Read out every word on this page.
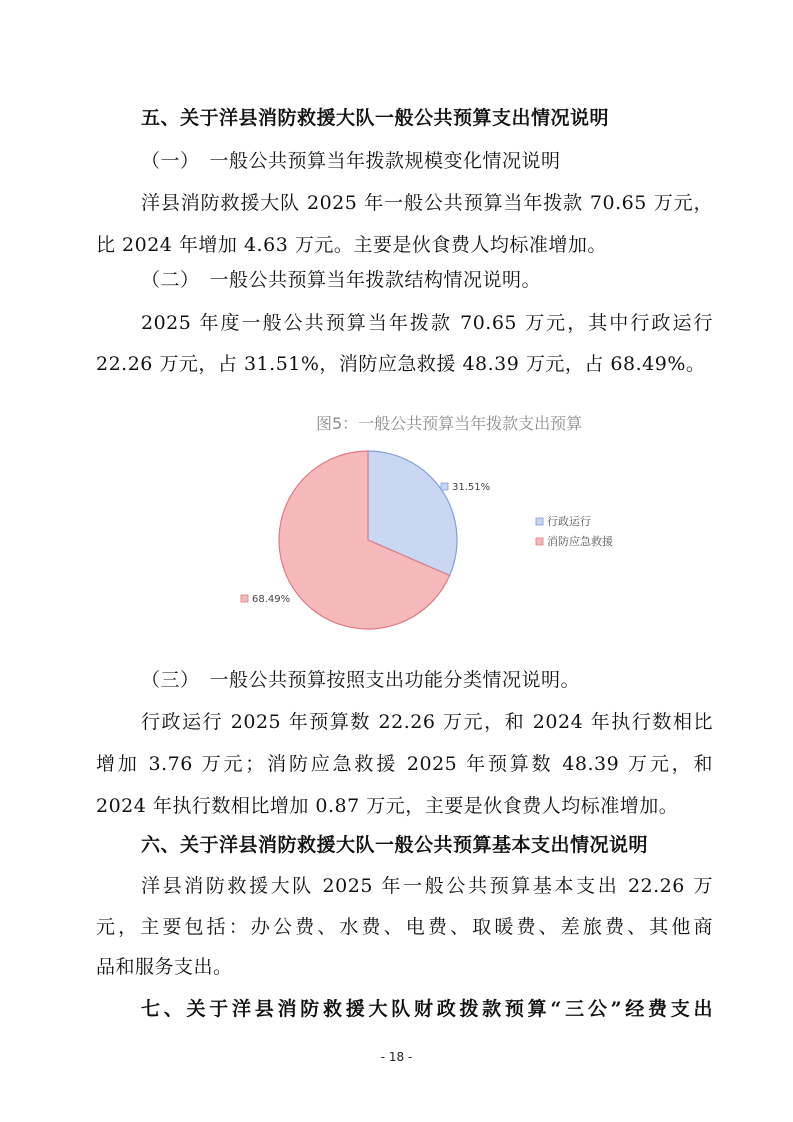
五、关于洋县消防救援大队一般公共预算支出情况说明
（一）　一般公共预算当年拨款规模变化情况说明
洋县消防救援大队 2025 年一般公共预算当年拨款 70.65 万元，
比 2024 年增加 4.63 万元。主要是伙食费人均标准增加。
（二）　一般公共预算当年拨款结构情况说明。
2025 年度一般公共预算当年拨款 70.65 万元，其中行政运行
22.26 万元，占 31.51%，消防应急救援 48.39 万元，占 68.49%。
图5：一般公共预算当年拨款支出预算
31.51%
68.49%
行政运行
消防应急救援
（三）　一般公共预算按照支出功能分类情况说明。
行政运行 2025 年预算数 22.26 万元，和 2024 年执行数相比
增加 3.76 万元；消防应急救援 2025 年预算数 48.39 万元，和
2024 年执行数相比增加 0.87 万元，主要是伙食费人均标准增加。
六、关于洋县消防救援大队一般公共预算基本支出情况说明
洋县消防救援大队 2025 年一般公共预算基本支出 22.26 万
元，主要包括：办公费、水费、电费、取暖费、差旅费、其他商
品和服务支出。
七、关于洋县消防救援大队财政拨款预算“三公”经费支出
- 18 -
